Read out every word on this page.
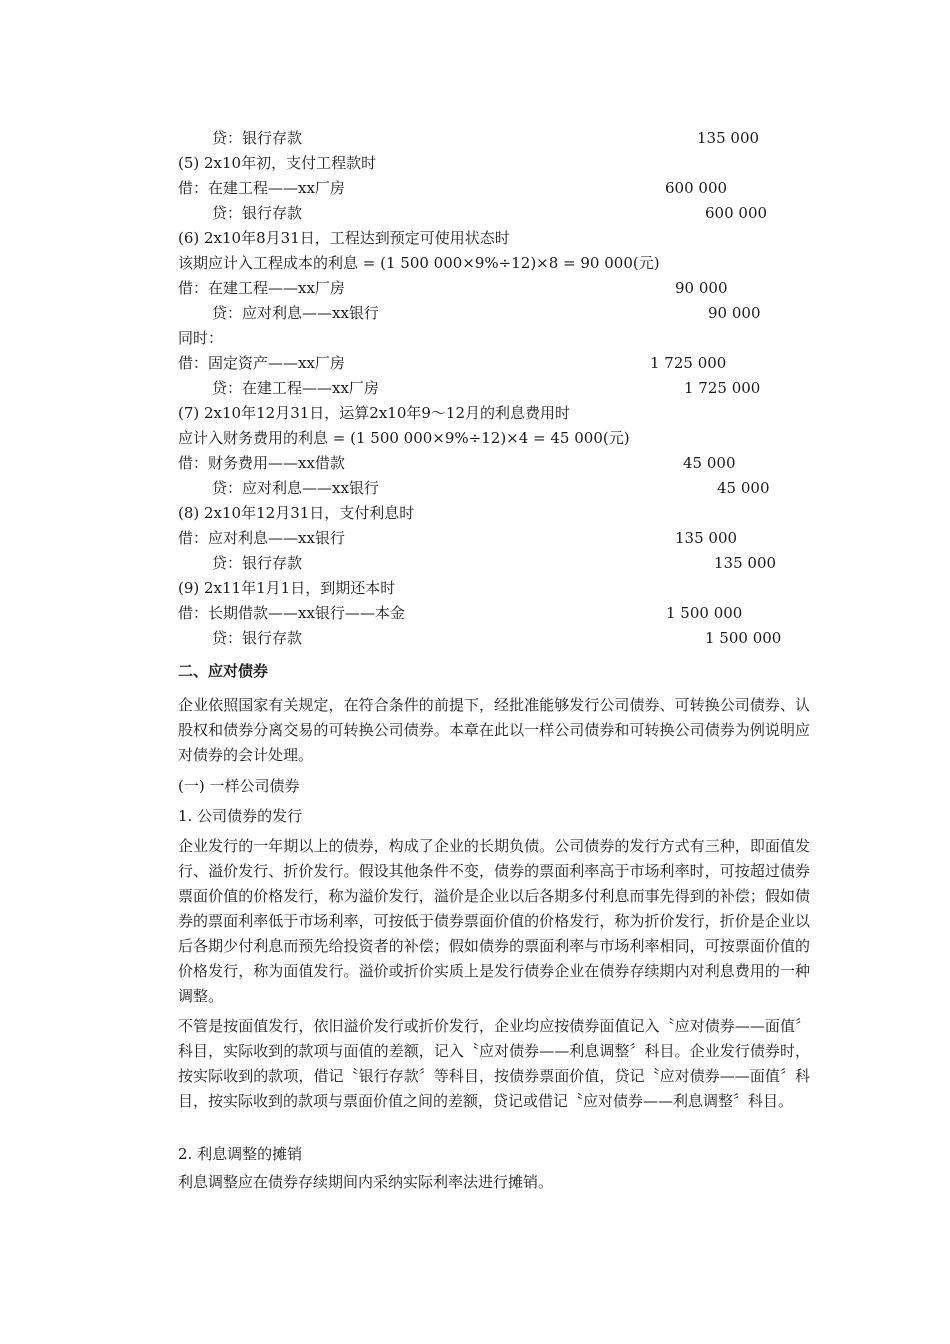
贷：银行存款	135 000
(5) 2x10年初，支付工程款时
借：在建工程——xx厂房	600 000
贷：银行存款	600 000
(6) 2x10年8月31日，工程达到预定可使用状态时
该期应计入工程成本的利息 = (1 500 000×9%÷12)×8 = 90 000(元)
借：在建工程——xx厂房	90 000
贷：应对利息——xx银行	90 000
同时：
借：固定资产——xx厂房	1 725 000
贷：在建工程——xx厂房	1 725 000
(7) 2x10年12月31日，运算2x10年9～12月的利息费用时
应计入财务费用的利息 = (1 500 000×9%÷12)×4 = 45 000(元)
借：财务费用——xx借款	45 000
贷：应对利息——xx银行	45 000
(8) 2x10年12月31日，支付利息时
借：应对利息——xx银行	135 000
贷：银行存款	135 000
(9) 2x11年1月1日，到期还本时
借：长期借款——xx银行——本金	1 500 000
贷：银行存款	1 500 000
二、应对债券
企业依照国家有关规定，在符合条件的前提下，经批准能够发行公司债券、可转换公司债券、认股权和债券分离交易的可转换公司债券。本章在此以一样公司债券和可转换公司债券为例说明应对债券的会计处理。
(一) 一样公司债券
1. 公司债券的发行
企业发行的一年期以上的债券，构成了企业的长期负债。公司债券的发行方式有三种，即面值发行、溢价发行、折价发行。假设其他条件不变，债券的票面利率高于市场利率时，可按超过债券票面价值的价格发行，称为溢价发行，溢价是企业以后各期多付利息而事先得到的补偿；假如债券的票面利率低于市场利率，可按低于债券票面价值的价格发行，称为折价发行，折价是企业以后各期少付利息而预先给投资者的补偿；假如债券的票面利率与市场利率相同，可按票面价值的价格发行，称为面值发行。溢价或折价实质上是发行债券企业在债券存续期内对利息费用的一种调整。
不管是按面值发行，依旧溢价发行或折价发行，企业均应按债券面值记入〝应对债券——面值〞科目，实际收到的款项与面值的差额，记入〝应对债券——利息调整〞科目。企业发行债券时，按实际收到的款项，借记〝银行存款〞等科目，按债券票面价值，贷记〝应对债券——面值〞科目，按实际收到的款项与票面价值之间的差额，贷记或借记〝应对债券——利息调整〞科目。
2. 利息调整的摊销
利息调整应在债券存续期间内采纳实际利率法进行摊销。
